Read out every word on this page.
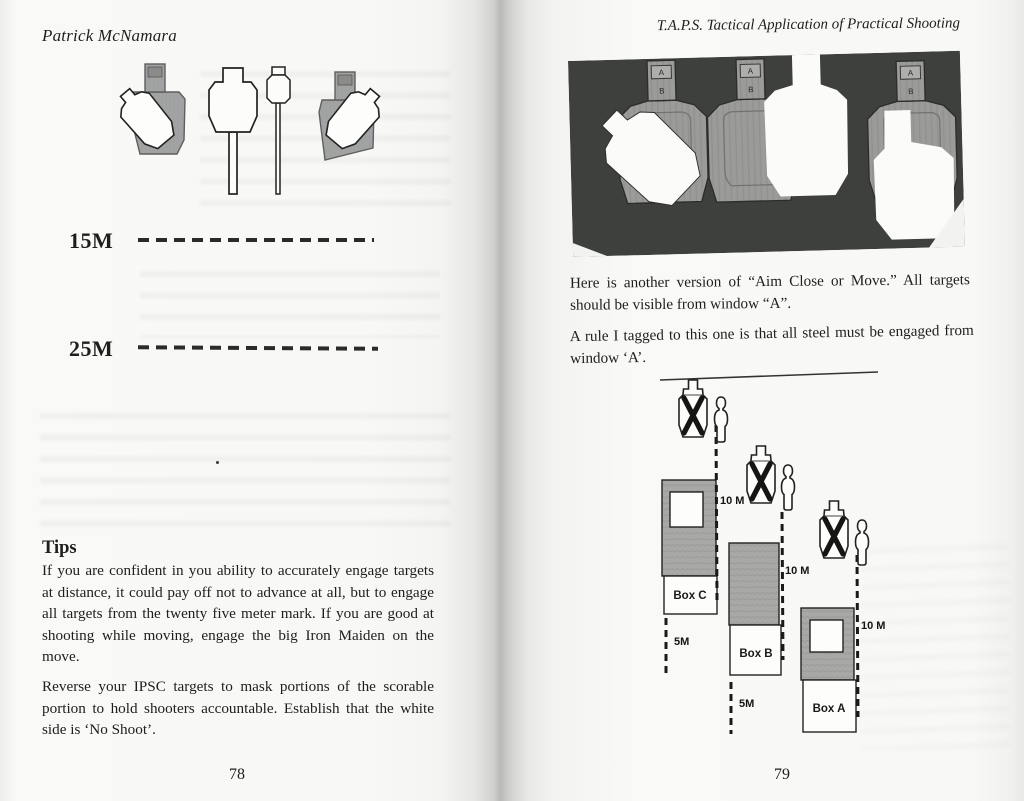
Patrick McNamara
15M
25M
Tips
If you are confident in you ability to accurately engage targets at distance, it could pay off not to advance at all, but to engage all targets from the twenty five meter mark. If you are good at shooting while moving, engage the big Iron Maiden on the move.
Reverse your IPSC targets to mask portions of the scorable portion to hold shooters accountable. Establish that the white side is ‘No Shoot’.
78
T.A.P.S. Tactical Application of Practical Shooting
A
B
A
B
A
B
Here is another version of “Aim Close or Move.” All targets should be visible from window “A”.
A rule I tagged to this one is that all steel must be engaged from window ‘A’.
Box C
Box B
Box A
10 M
10 M
10 M
5M
5M
79
